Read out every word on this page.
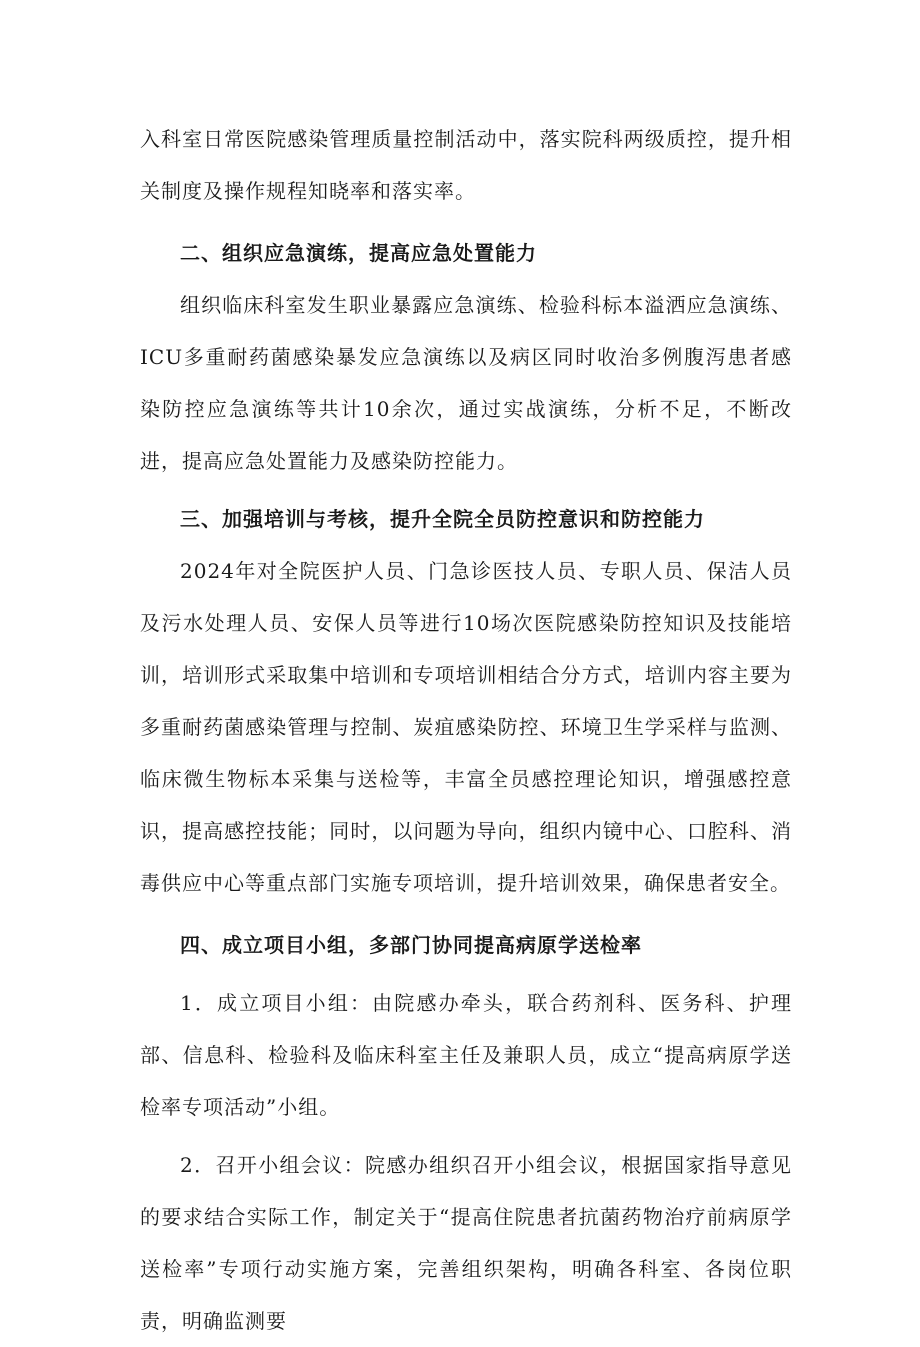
入科室日常医院感染管理质量控制活动中，落实院科两级质控，提升相关制度及操作规程知晓率和落实率。

二、组织应急演练，提高应急处置能力

组织临床科室发生职业暴露应急演练、检验科标本溢洒应急演练、ICU多重耐药菌感染暴发应急演练以及病区同时收治多例腹泻患者感染防控应急演练等共计10余次，通过实战演练，分析不足，不断改进，提高应急处置能力及感染防控能力。

三、加强培训与考核，提升全院全员防控意识和防控能力

2024年对全院医护人员、门急诊医技人员、专职人员、保洁人员及污水处理人员、安保人员等进行10场次医院感染防控知识及技能培训，培训形式采取集中培训和专项培训相结合分方式，培训内容主要为多重耐药菌感染管理与控制、炭疽感染防控、环境卫生学采样与监测、临床微生物标本采集与送检等，丰富全员感控理论知识，增强感控意识，提高感控技能；同时，以问题为导向，组织内镜中心、口腔科、消毒供应中心等重点部门实施专项培训，提升培训效果，确保患者安全。

四、成立项目小组，多部门协同提高病原学送检率

1．成立项目小组：由院感办牵头，联合药剂科、医务科、护理部、信息科、检验科及临床科室主任及兼职人员，成立“提高病原学送检率专项活动”小组。

2．召开小组会议：院感办组织召开小组会议，根据国家指导意见的要求结合实际工作，制定关于“提高住院患者抗菌药物治疗前病原学送检率”专项行动实施方案，完善组织架构，明确各科室、各岗位职责，明确监测要
